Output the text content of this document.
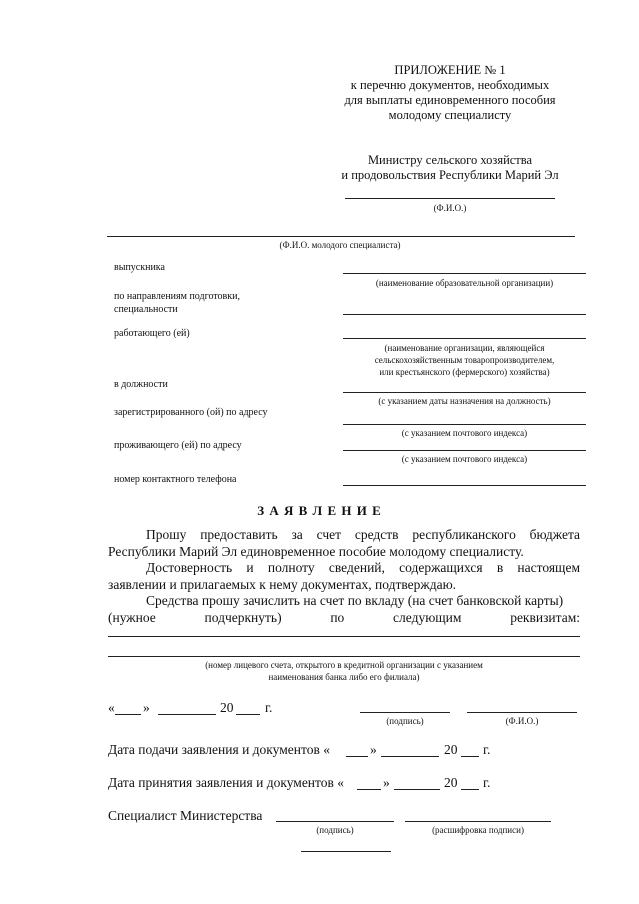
ПРИЛОЖЕНИЕ № 1
к перечню документов, необходимых
для выплаты единовременного пособия
молодому специалисту
Министру сельского хозяйства
и продовольствия Республики Марий Эл
(Ф.И.О.)
(Ф.И.О. молодого специалиста)
выпускника
(наименование образовательной организации)
по направлениям подготовки,
специальности
работающего (ей)
(наименование организации, являющейся
сельскохозяйственным товаропроизводителем,
или крестьянского (фермерского) хозяйства)
в должности
(с указанием даты назначения на должность)
зарегистрированного (ой) по адресу
(с указанием почтового индекса)
проживающего (ей) по адресу
(с указанием почтового индекса)
номер контактного телефона
З А Я В Л Е Н И Е
Прошу предоставить за счет средств республиканского бюджета
Республики Марий Эл единовременное пособие молодому специалисту.
Достоверность и полноту сведений, содержащихся в настоящем
заявлении и прилагаемых к нему документах, подтверждаю.
Средства прошу зачислить на счет по вкладу (на счет банковской карты)
(нужное подчеркнуть) по следующим реквизитам:
(номер лицевого счета, открытого в кредитной организации с указанием
наименования банка либо его филиала)
« »	20 г.
(подпись)	(Ф.И.О.)
Дата подачи заявления и документов «	»	20 г.
Дата принятия заявления и документов «	»	20 г.
Специалист Министерства
(подпись)	(расшифровка подписи)
